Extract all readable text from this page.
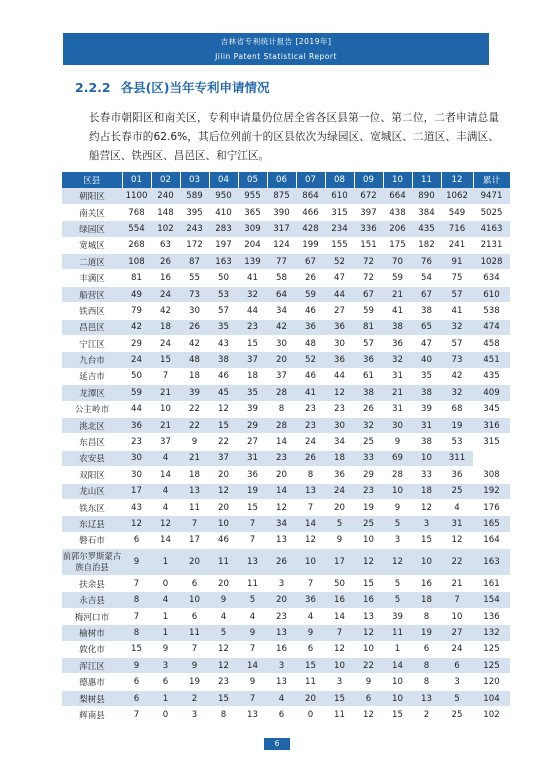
吉林省专利统计报告 [2019年]
Jilin Patent Statistical Report
2.2.2 各县(区)当年专利申请情况

长春市朝阳区和南关区，专利申请量仍位居全省各区县第一位、第二位，二者申请总量约占长春市的62.6%，其后位列前十的区县依次为绿园区、宽城区、二道区、丰满区、船营区、铁西区、昌邑区、和宁江区。

区县	01	02	03	04	05	06	07	08	09	10	11	12	累计
朝阳区	1100	240	589	950	955	875	864	610	672	664	890	1062	9471
南关区	768	148	395	410	365	390	466	315	397	438	384	549	5025
绿园区	554	102	243	283	309	317	428	234	336	206	435	716	4163
宽城区	268	63	172	197	204	124	199	155	151	175	182	241	2131
二道区	108	26	87	163	139	77	67	52	72	70	76	91	1028
丰满区	81	16	55	50	41	58	26	47	72	59	54	75	634
船营区	49	24	73	53	32	64	59	44	67	21	67	57	610
铁西区	79	42	30	57	44	34	46	27	59	41	38	41	538
昌邑区	42	18	26	35	23	42	36	36	81	38	65	32	474
宁江区	29	24	42	43	15	30	48	30	57	36	47	57	458
九台市	24	15	48	38	37	20	52	36	36	32	40	73	451
延吉市	50	7	18	46	18	37	46	44	61	31	35	42	435
龙潭区	59	21	39	45	35	28	41	12	38	21	38	32	409
公主岭市	44	10	22	12	39	8	23	23	26	31	39	68	345
洮北区	36	21	22	15	29	28	23	30	32	30	31	19	316
东昌区	23	37	9	22	27	14	24	34	25	9	38	53	315
农安县	30	4	21	37	31	23	26	18	33	69	10	311	
双阳区	30	14	18	20	36	20	8	36	29	28	33	36	308
龙山区	17	4	13	12	19	14	13	24	23	10	18	25	192
铁东区	43	4	11	20	15	12	7	20	19	9	12	4	176
东辽县	12	12	7	10	7	34	14	5	25	5	3	31	165
磐石市	6	14	17	46	7	13	12	9	10	3	15	12	164
前郭尔罗斯蒙古族自治县	9	1	20	11	13	26	10	17	12	12	10	22	163
扶余县	7	0	6	20	11	3	7	50	15	5	16	21	161
永吉县	8	4	10	9	5	20	36	16	16	5	18	7	154
梅河口市	7	1	6	4	4	23	4	14	13	39	8	10	136
榆树市	8	1	11	5	9	13	9	7	12	11	19	27	132
敦化市	15	9	7	12	7	16	6	12	10	1	6	24	125
浑江区	9	3	9	12	14	3	15	10	22	14	8	6	125
德惠市	6	6	19	23	9	13	11	3	9	10	8	3	120
梨树县	6	1	2	15	7	4	20	15	6	10	13	5	104
辉南县	7	0	3	8	13	6	0	11	12	15	2	25	102
6
